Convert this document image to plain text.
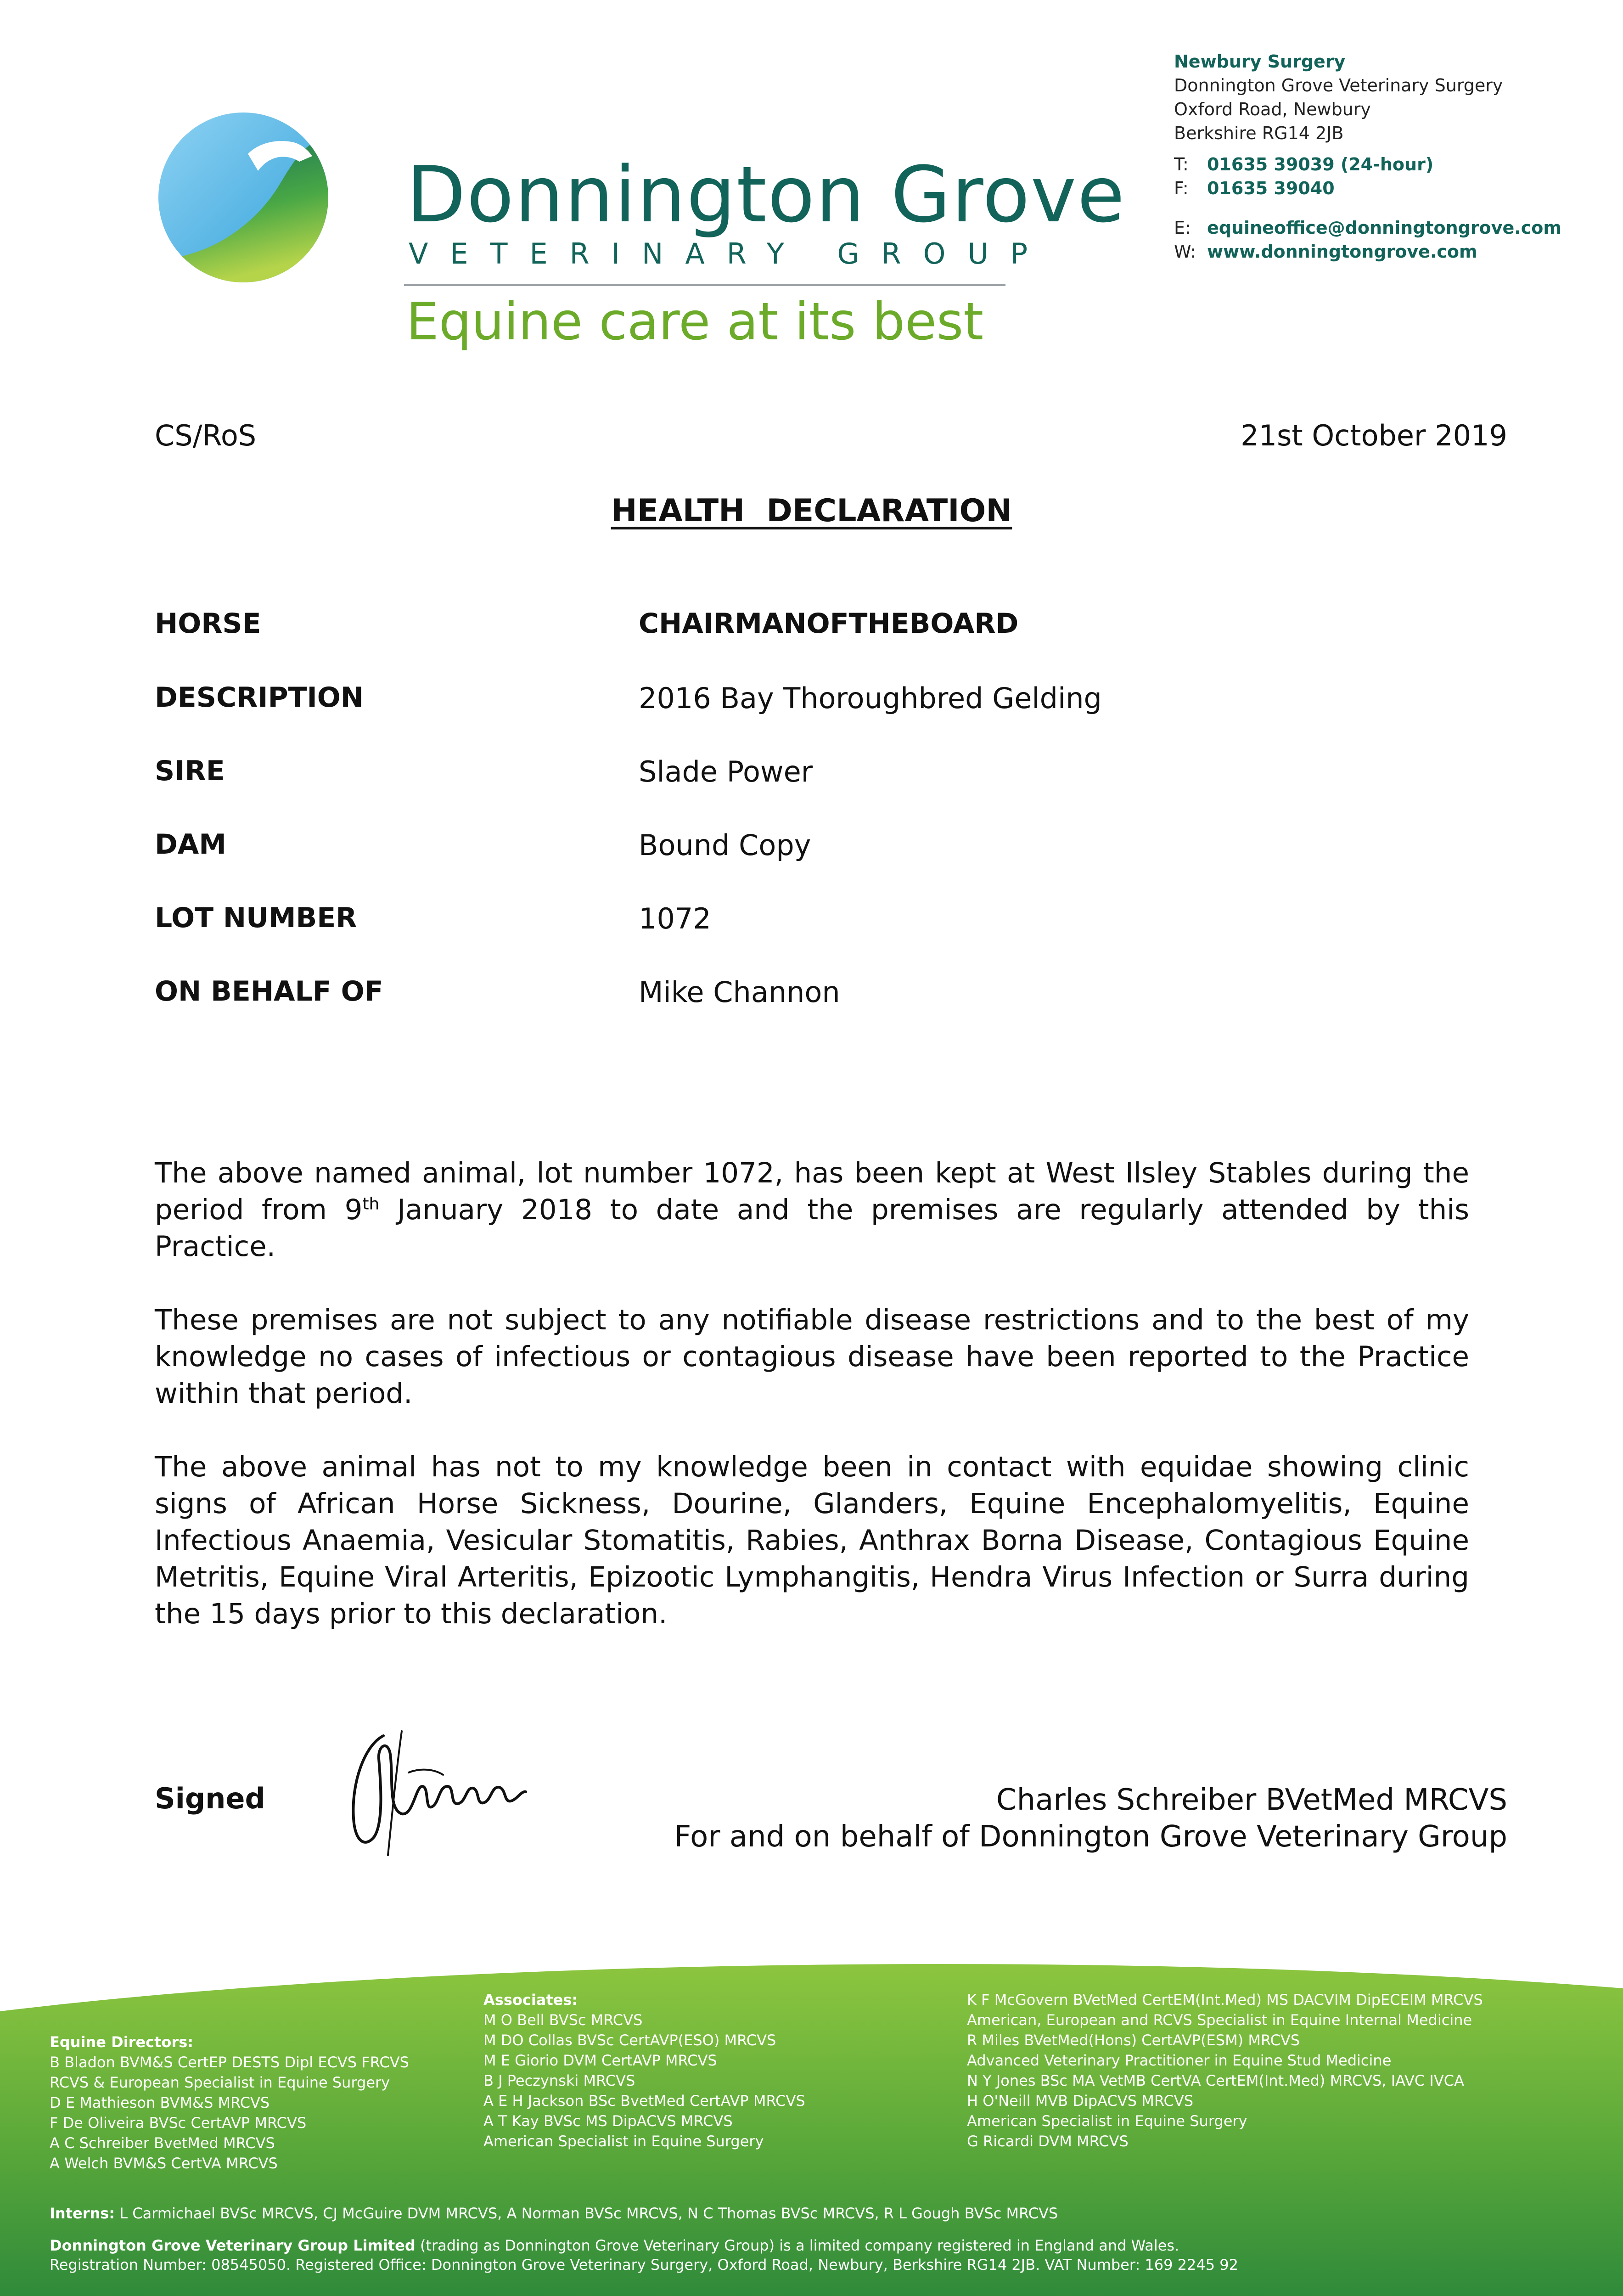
Donnington Grove
VETERINARY GROUP
Equine care at its best
Newbury Surgery
Donnington Grove Veterinary Surgery
Oxford Road, Newbury
Berkshire RG14 2JB
T: 01635 39039 (24-hour)
F: 01635 39040
E: equineoffice@donningtongrove.com
W: www.donningtongrove.com
CS/RoS	21st October 2019
HEALTH  DECLARATION
HORSE	CHAIRMANOFTHEBOARD
DESCRIPTION	2016 Bay Thoroughbred Gelding
SIRE	Slade Power
DAM	Bound Copy
LOT NUMBER	1072
ON BEHALF OF	Mike Channon

The above named animal, lot number 1072, has been kept at West Ilsley Stables during the period from 9th January 2018 to date and the premises are regularly attended by this Practice.

These premises are not subject to any notifiable disease restrictions and to the best of my knowledge no cases of infectious or contagious disease have been reported to the Practice within that period.

The above animal has not to my knowledge been in contact with equidae showing clinic signs of African Horse Sickness, Dourine, Glanders, Equine Encephalomyelitis, Equine Infectious Anaemia, Vesicular Stomatitis, Rabies, Anthrax Borna Disease, Contagious Equine Metritis, Equine Viral Arteritis, Epizootic Lymphangitis, Hendra Virus Infection or Surra during the 15 days prior to this declaration.

Signed	Charles Schreiber BVetMed MRCVS
For and on behalf of Donnington Grove Veterinary Group
Equine Directors:
B Bladon BVM&S CertEP DESTS Dipl ECVS FRCVS
RCVS & European Specialist in Equine Surgery
D E Mathieson BVM&S MRCVS
F De Oliveira BVSc CertAVP MRCVS
A C Schreiber BvetMed MRCVS
A Welch BVM&S CertVA MRCVS
Associates:
M O Bell BVSc MRCVS
M DO Collas BVSc CertAVP(ESO) MRCVS
M E Giorio DVM CertAVP MRCVS
B J Peczynski MRCVS
A E H Jackson BSc BvetMed CertAVP MRCVS
A T Kay BVSc MS DipACVS MRCVS
American Specialist in Equine Surgery
K F McGovern BVetMed CertEM(Int.Med) MS DACVIM DipECEIM MRCVS
American, European and RCVS Specialist in Equine Internal Medicine
R Miles BVetMed(Hons) CertAVP(ESM) MRCVS
Advanced Veterinary Practitioner in Equine Stud Medicine
N Y Jones BSc MA VetMB CertVA CertEM(Int.Med) MRCVS, IAVC IVCA
H O'Neill MVB DipACVS MRCVS
American Specialist in Equine Surgery
G Ricardi DVM MRCVS
Interns: L Carmichael BVSc MRCVS, CJ McGuire DVM MRCVS, A Norman BVSc MRCVS, N C Thomas BVSc MRCVS, R L Gough BVSc MRCVS
Donnington Grove Veterinary Group Limited (trading as Donnington Grove Veterinary Group) is a limited company registered in England and Wales.
Registration Number: 08545050. Registered Office: Donnington Grove Veterinary Surgery, Oxford Road, Newbury, Berkshire RG14 2JB. VAT Number: 169 2245 92
